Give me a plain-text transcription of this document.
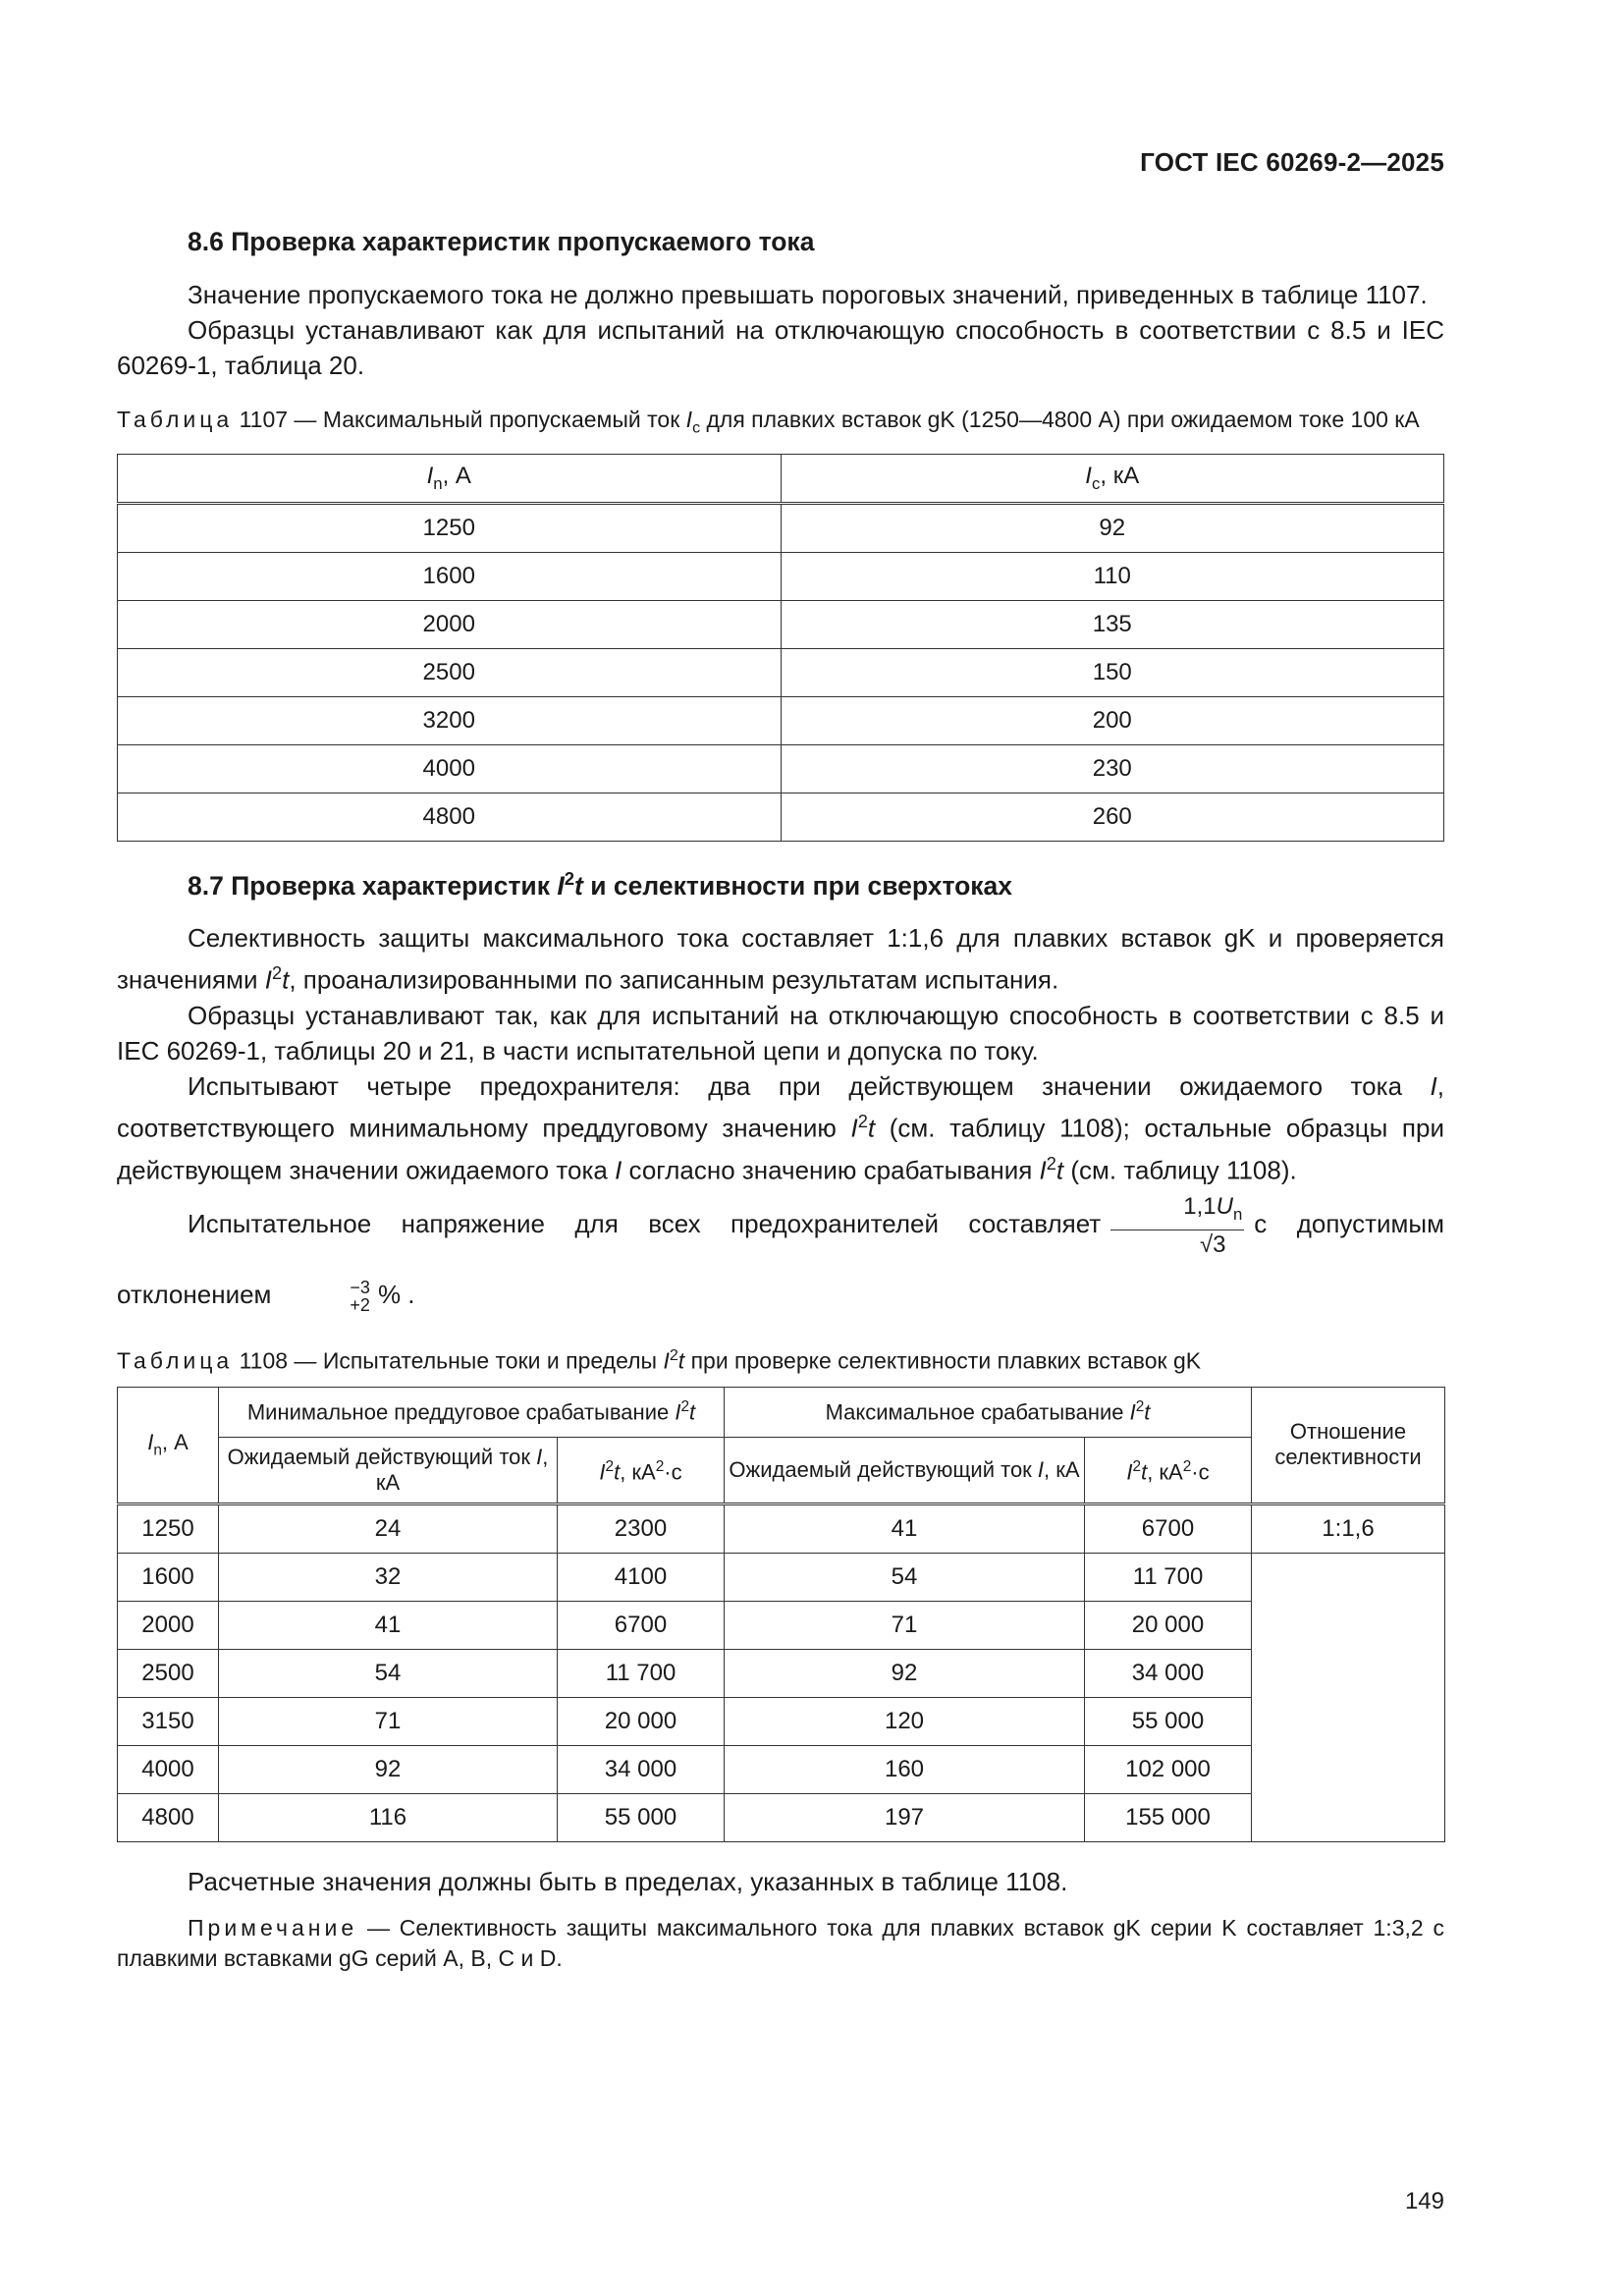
ГОСТ IEC 60269-2—2025
8.6 Проверка характеристик пропускаемого тока

Значение пропускаемого тока не должно превышать пороговых значений, приведенных в таблице 1107.

Образцы устанавливают как для испытаний на отключающую способность в соответствии с 8.5 и IEC 60269-1, таблица 20.

Таблица 1107 — Максимальный пропускаемый ток $I_c$ для плавких вставок gK (1250—4800 А) при ожидаемом токе 100 кА
$I_n$, А	$I_c$, кА
1250	92
1600	110
2000	135
2500	150
3200	200
4000	230
4800	260
8.7 Проверка характеристик $I^2t$ и селективности при сверхтоках

Селективность защиты максимального тока составляет 1:1,6 для плавких вставок gK и проверяется значениями $I^2t$, проанализированными по записанным результатам испытания.

Образцы устанавливают так, как для испытаний на отключающую способность в соответствии с 8.5 и IEC 60269-1, таблицы 20 и 21, в части испытательной цепи и допуска по току.

Испытывают четыре предохранителя: два при действующем значении ожидаемого тока I, соответствующего минимальному преддуговому значению $I^2t$ (см. таблицу 1108); остальные образцы при действующем значении ожидаемого тока I согласно значению срабатывания $I^2t$ (см. таблицу 1108).

Испытательное напряжение для всех предохранителей составляет $\frac{1,1U_n}{√3}$ с допустимым отклонением	−3
+2 % .

Таблица 1108 — Испытательные токи и пределы $I^2t$ при проверке селективности плавких вставок gK
$I_n$, А	Минимальное преддуговое срабатывание $I^2t$		Максимальное срабатывание $I^2t$		Отношение селективности
	Ожидаемый действующий ток I, кА	$I^2t$, $кА^2\cdot с$	Ожидаемый действующий ток I, кА	$I^2t$, $кА^2\cdot с$	
1250	24	2300	41	6700	1:1,6
1600	32	4100	54	11 700	
2000	41	6700	71	20 000	
2500	54	11 700	92	34 000	
3150	71	20 000	120	55 000	
4000	92	34 000	160	102 000	
4800	116	55 000	197	155 000	

Расчетные значения должны быть в пределах, указанных в таблице 1108.

Примечание — Селективность защиты максимального тока для плавких вставок gK серии K составляет 1:3,2 с плавкими вставками gG серий A, B, C и D.

149
